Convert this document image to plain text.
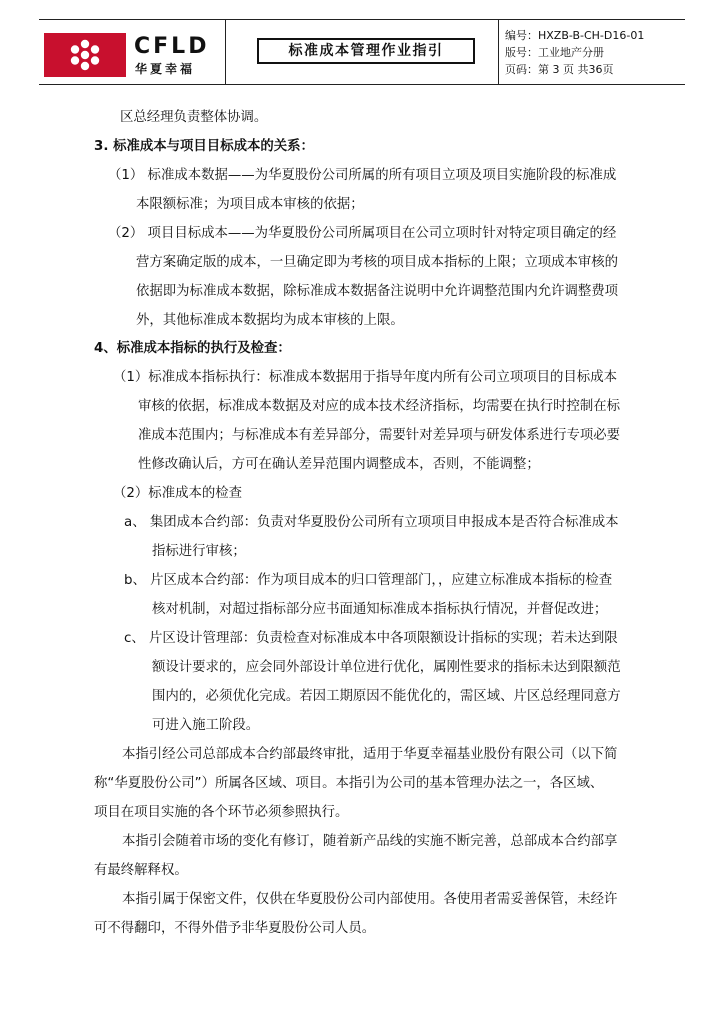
CFLD
华夏幸福
标准成本管理作业指引
编号：HXZB-B-CH-D16-01
版号：工业地产分册
页码：第 3 页 共36页
区总经理负责整体协调。
3. 标准成本与项目目标成本的关系：
（1） 标准成本数据——为华夏股份公司所属的所有项目立项及项目实施阶段的标准成
本限额标准；为项目成本审核的依据；
（2） 项目目标成本——为华夏股份公司所属项目在公司立项时针对特定项目确定的经
营方案确定版的成本，一旦确定即为考核的项目成本指标的上限；立项成本审核的
依据即为标准成本数据，除标准成本数据备注说明中允许调整范围内允许调整费项
外，其他标准成本数据均为成本审核的上限。
4、标准成本指标的执行及检查：
（1）标准成本指标执行：标准成本数据用于指导年度内所有公司立项项目的目标成本
审核的依据，标准成本数据及对应的成本技术经济指标，均需要在执行时控制在标
准成本范围内；与标准成本有差异部分，需要针对差异项与研发体系进行专项必要
性修改确认后，方可在确认差异范围内调整成本，否则，不能调整；
（2）标准成本的检查
a、 集团成本合约部：负责对华夏股份公司所有立项项目申报成本是否符合标准成本
指标进行审核；
b、 片区成本合约部：作为项目成本的归口管理部门，，应建立标准成本指标的检查
核对机制，对超过指标部分应书面通知标准成本指标执行情况，并督促改进；
c、 片区设计管理部：负责检查对标准成本中各项限额设计指标的实现；若未达到限
额设计要求的，应会同外部设计单位进行优化，属刚性要求的指标未达到限额范
围内的，必须优化完成。若因工期原因不能优化的，需区域、片区总经理同意方
可进入施工阶段。
本指引经公司总部成本合约部最终审批，适用于华夏幸福基业股份有限公司（以下简
称“华夏股份公司”）所属各区域、项目。本指引为公司的基本管理办法之一，各区域、
项目在项目实施的各个环节必须参照执行。
本指引会随着市场的变化有修订，随着新产品线的实施不断完善，总部成本合约部享
有最终解释权。
本指引属于保密文件，仅供在华夏股份公司内部使用。各使用者需妥善保管，未经许
可不得翻印，不得外借予非华夏股份公司人员。
